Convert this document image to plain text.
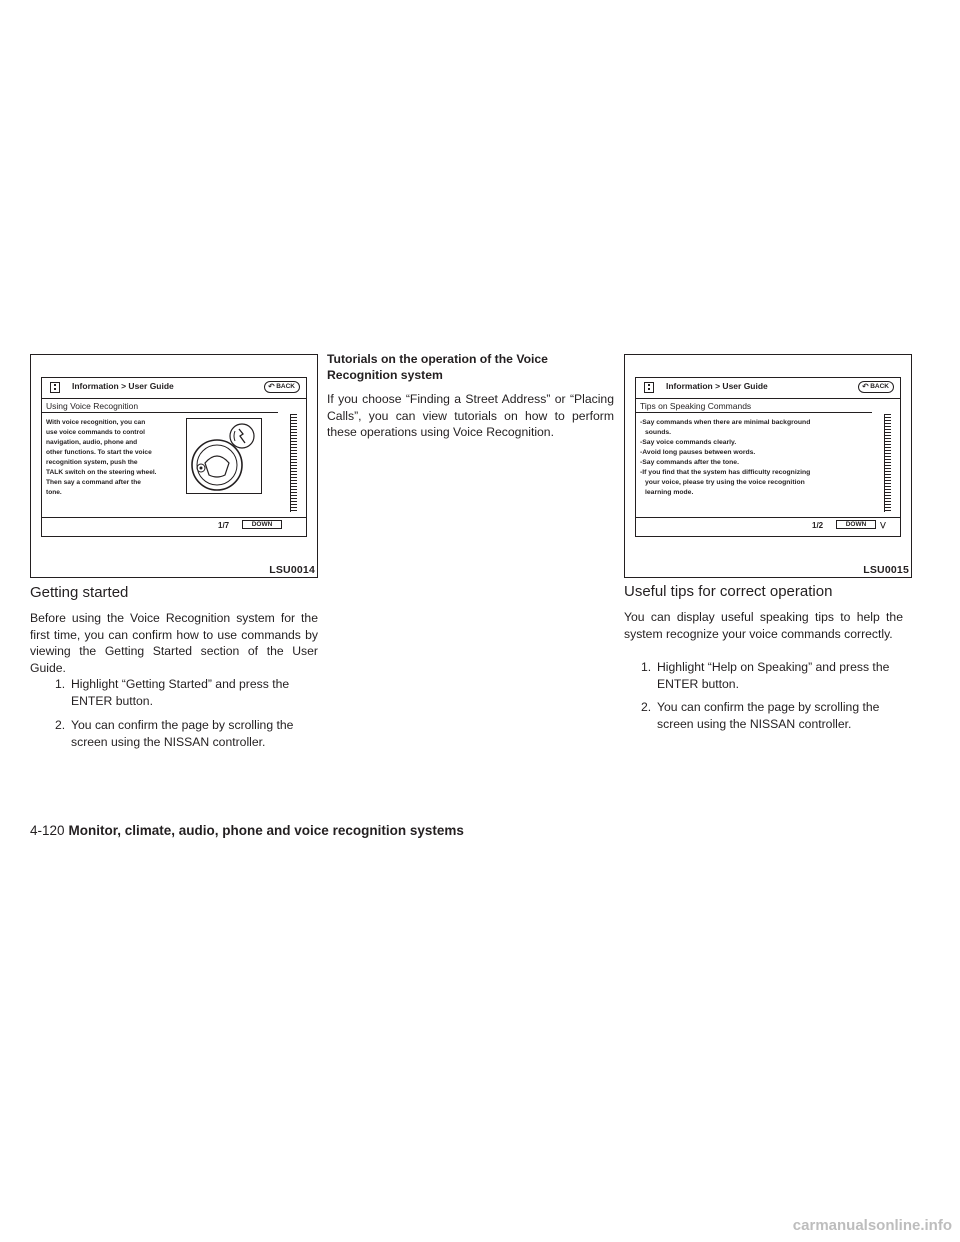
Information > User Guide	↶ BACK
Using Voice Recognition
With voice recognition, you can
use voice commands to control
navigation, audio, phone and
other functions. To start the voice
recognition system, push the
TALK switch on the steering wheel.
Then say a command after the
tone.
1/7	DOWN
LSU0014
Getting started

Before using the Voice Recognition system for the first time, you can confirm how to use commands by viewing the Getting Started section of the User Guide.

1. Highlight “Getting Started” and press the ENTER button.
2. You can confirm the page by scrolling the screen using the NISSAN controller.
Tutorials on the operation of the Voice Recognition system

If you choose “Finding a Street Address” or “Placing Calls”, you can view tutorials on how to perform these operations using Voice Recognition.

Information > User Guide	↶ BACK
Tips on Speaking Commands
-Say commands when there are minimal background
sounds.
-Say voice commands clearly.
-Avoid long pauses between words.
-Say commands after the tone.
-If you find that the system has difficulty recognizing
your voice, please try using the voice recognition
learning mode.
1/2	DOWN	⋁
LSU0015
Useful tips for correct operation

You can display useful speaking tips to help the system recognize your voice commands correctly.

1. Highlight “Help on Speaking” and press the ENTER button.
2. You can confirm the page by scrolling the screen using the NISSAN controller.
4-120 Monitor, climate, audio, phone and voice recognition systems
carmanualsonline.info
